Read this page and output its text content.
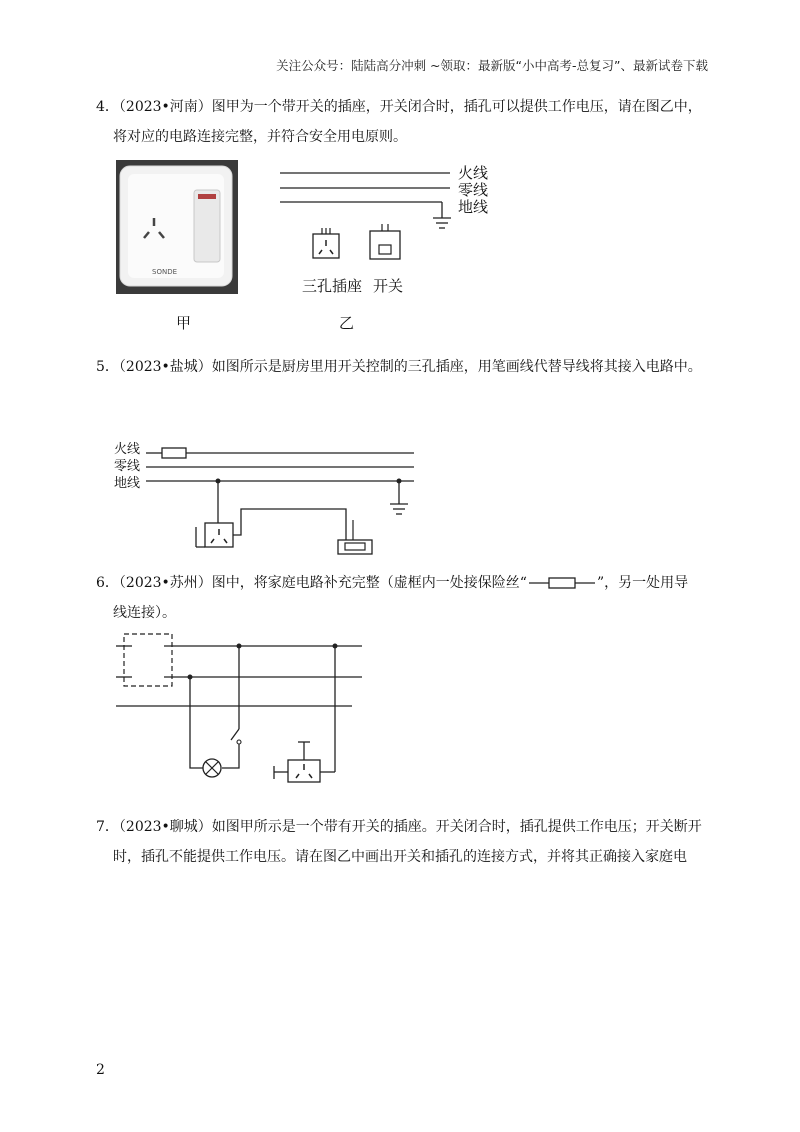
关注公众号：陆陆高分冲刺 ~领取：最新版“小中高考-总复习”、最新试卷下载

4．（2023•河南）图甲为一个带开关的插座，开关闭合时，插孔可以提供工作电压，请在图乙中，

将对应的电路连接完整，并符合安全用电原则。

SONDE
火线
零线
地线
三孔插座 开关
甲	乙

5．（2023•盐城）如图所示是厨房里用开关控制的三孔插座，用笔画线代替导线将其接入电路中。

火线
零线
地线

6．（2023•苏州）图中，将家庭电路补充完整（虚框内一处接保险丝“	”，另一处用导

线连接）。

7．（2023•聊城）如图甲所示是一个带有开关的插座。开关闭合时，插孔提供工作电压；开关断开

时，插孔不能提供工作电压。请在图乙中画出开关和插孔的连接方式，并将其正确接入家庭电

2
